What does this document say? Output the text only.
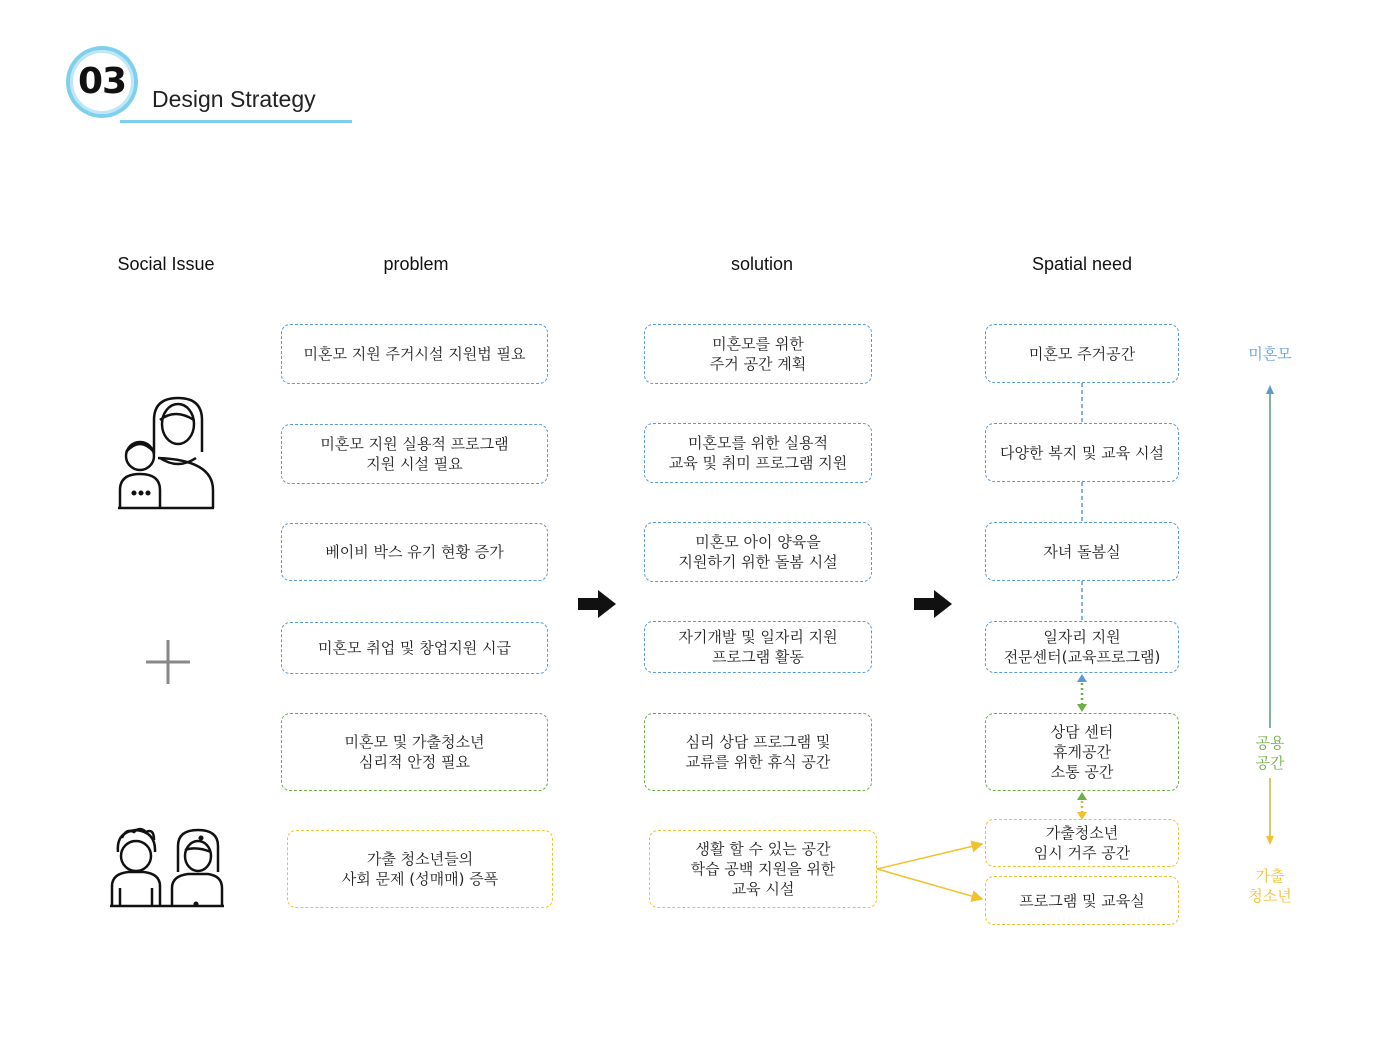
03	Design Strategy
Social Issue	problem	solution	Spatial need
미혼모 지원 주거시설 지원법 필요
미혼모 지원 실용적 프로그램
지원 시설 필요
베이비 박스 유기 현황 증가
미혼모 취업 및 창업지원 시급
미혼모 및 가출청소년
심리적 안정 필요
가출 청소년들의
사회 문제 (성매매) 증폭
미혼모를 위한
주거 공간 계획
미혼모를 위한 실용적
교육 및 취미 프로그램 지원
미혼모 아이 양육을
지원하기 위한 돌봄 시설
자기개발 및 일자리 지원
프로그램 활동
심리 상담 프로그램 및
교류를 위한 휴식 공간
생활 할 수 있는 공간
학습 공백 지원을 위한
교육 시설
미혼모 주거공간
다양한 복지 및 교육 시설
자녀 돌봄실
일자리 지원
전문센터(교육프로그램)
상담 센터
휴게공간
소통 공간
가출청소년
임시 거주 공간
프로그램 및 교육실
미혼모
공용
공간
가출
청소년
